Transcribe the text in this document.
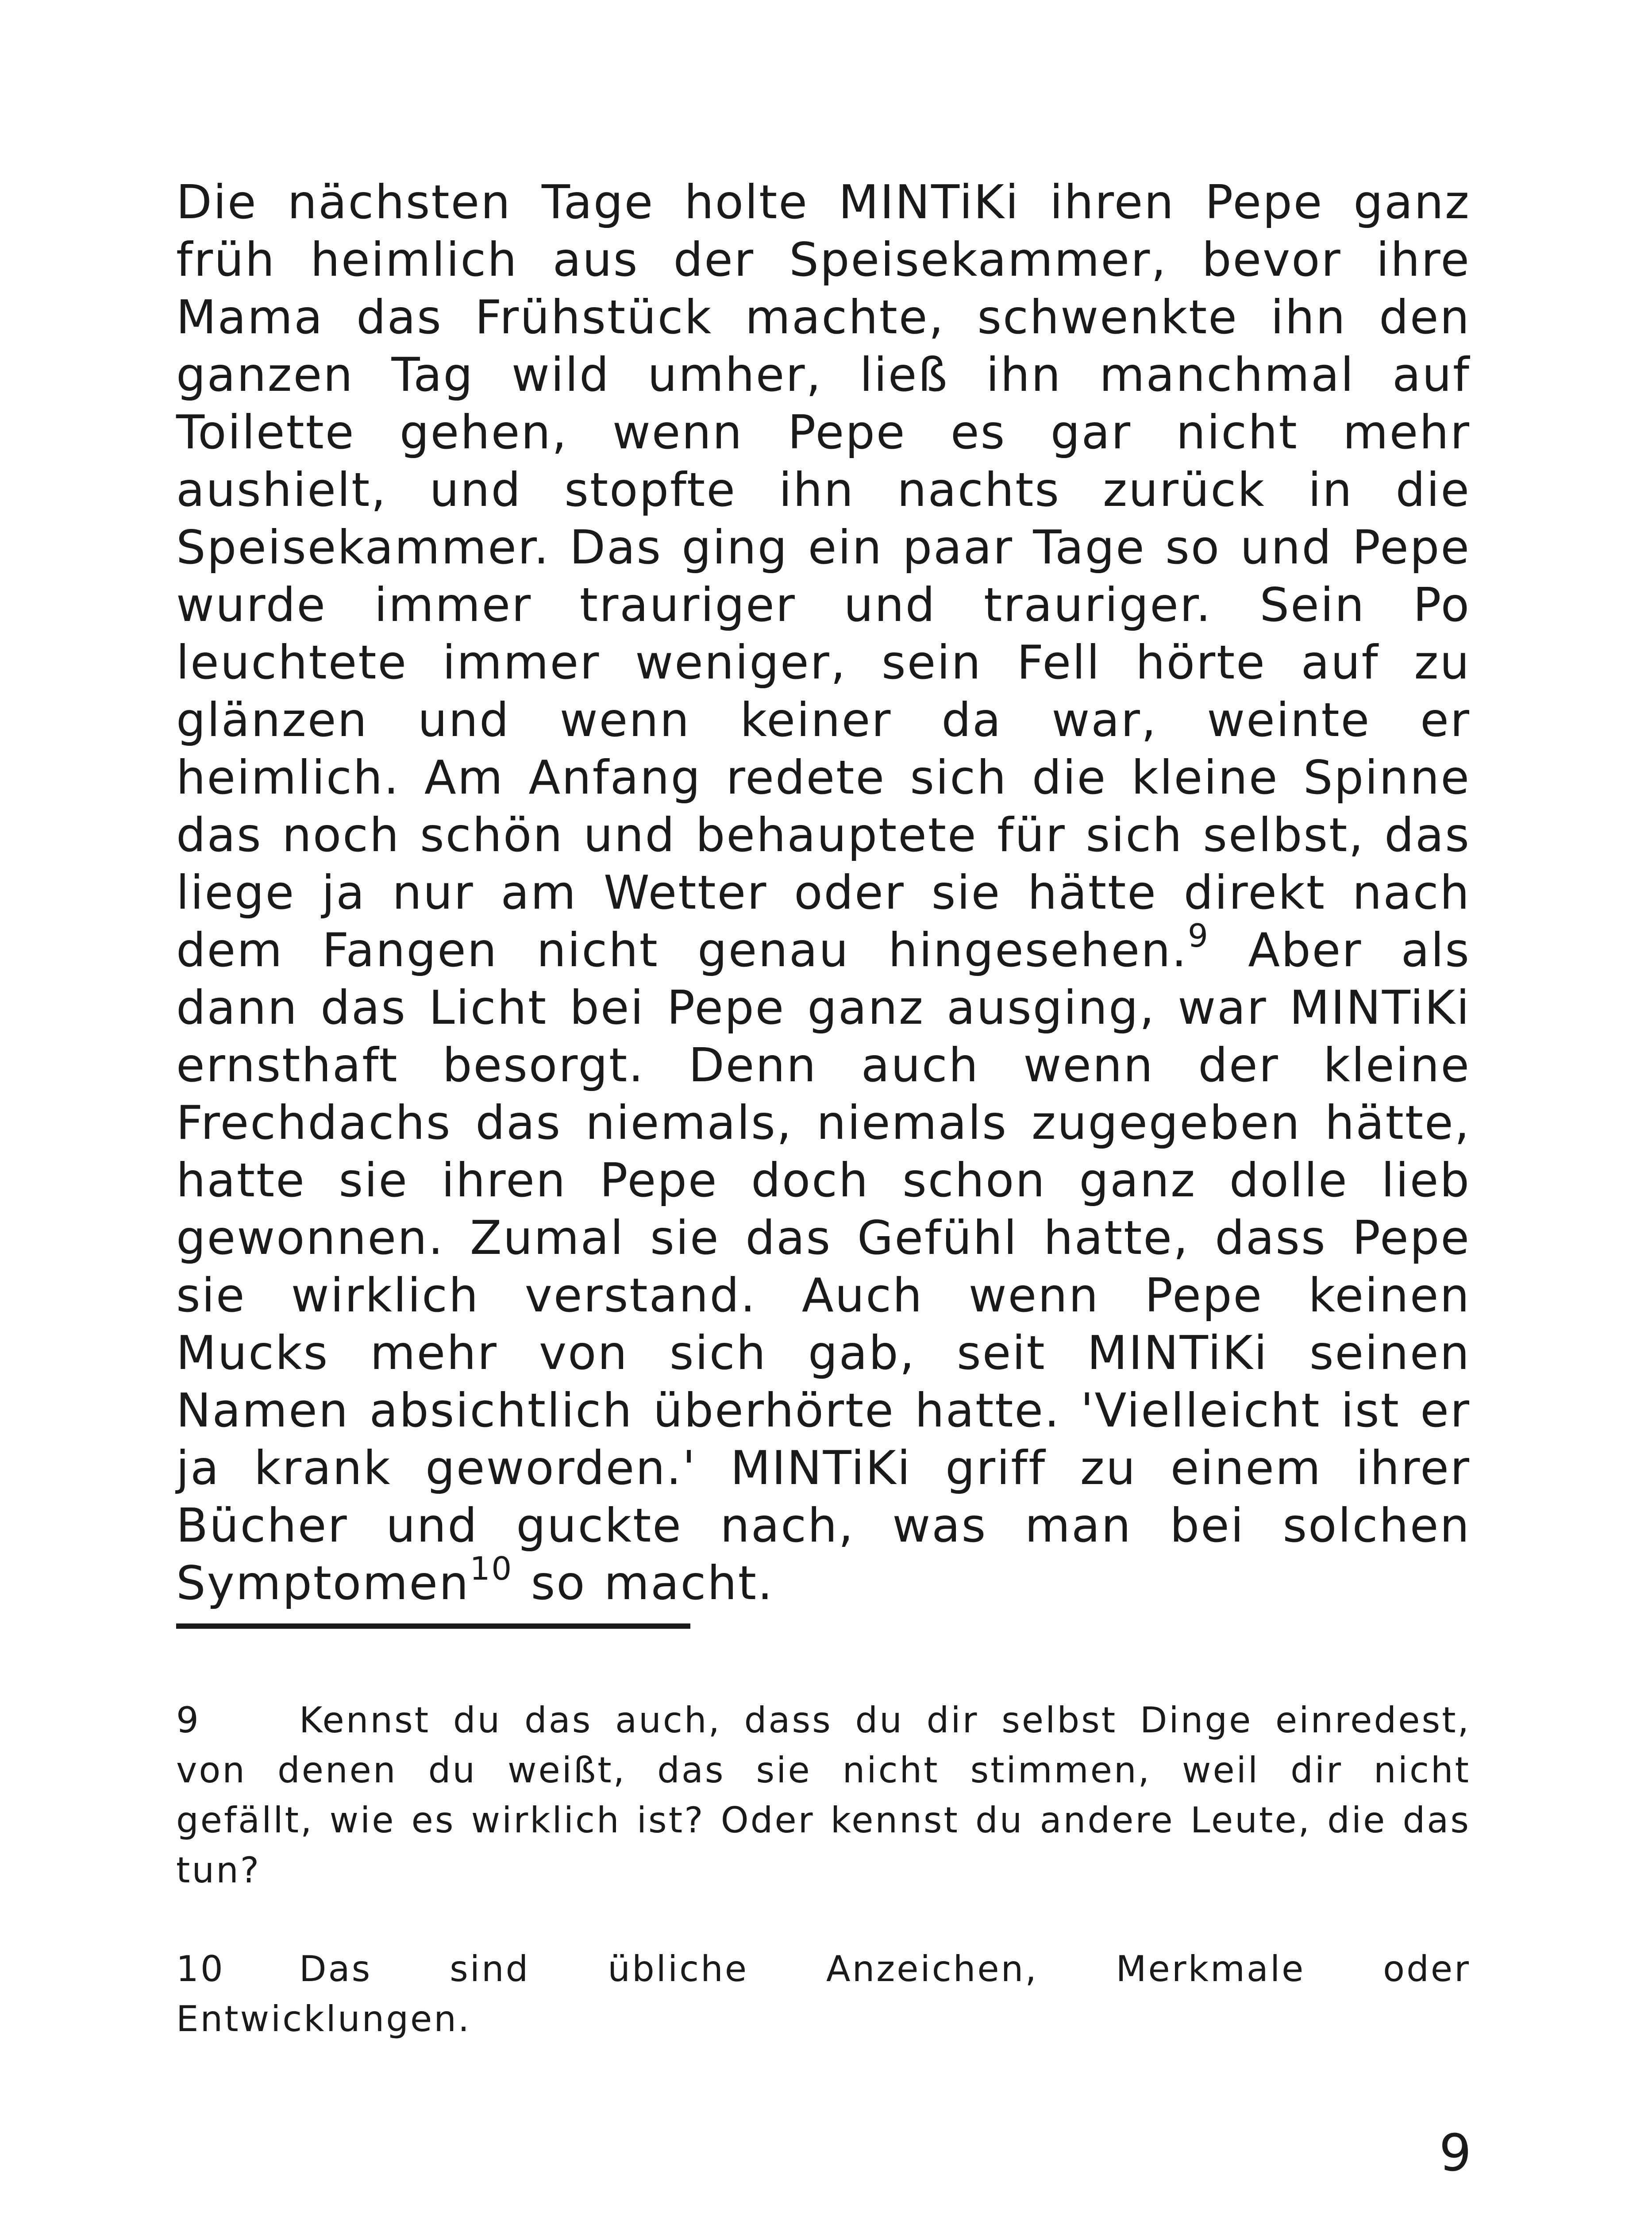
Die nächsten Tage holte MINTiKi ihren Pepe ganz früh heimlich aus der Speisekammer, bevor ihre Mama das Frühstück machte, schwenkte ihn den ganzen Tag wild umher, ließ ihn manchmal auf Toilette gehen, wenn Pepe es gar nicht mehr aushielt, und stopfte ihn nachts zurück in die Speisekammer. Das ging ein paar Tage so und Pepe wurde immer trauriger und trauriger. Sein Po leuchtete immer weniger, sein Fell hörte auf zu glänzen und wenn keiner da war, weinte er heimlich. Am Anfang redete sich die kleine Spinne das noch schön und behauptete für sich selbst, das liege ja nur am Wetter oder sie hätte direkt nach dem Fangen nicht genau hingesehen.$^9$ Aber als dann das Licht bei Pepe ganz ausging, war MINTiKi ernsthaft besorgt. Denn auch wenn der kleine Frechdachs das niemals, niemals zugegeben hätte, hatte sie ihren Pepe doch schon ganz dolle lieb gewonnen. Zumal sie das Gefühl hatte, dass Pepe sie wirklich verstand. Auch wenn Pepe keinen Mucks mehr von sich gab, seit MINTiKi seinen Namen absichtlich überhörte hatte. 'Vielleicht ist er ja krank geworden.' MINTiKi griff zu einem ihrer Bücher und guckte nach, was man bei solchen Symptomen$^{10}$ so macht.

9	Kennst du das auch, dass du dir selbst Dinge einredest, von denen du weißt, das sie nicht stimmen, weil dir nicht gefällt, wie es wirklich ist? Oder kennst du andere Leute, die das tun?

10 Das sind übliche Anzeichen, Merkmale oder Entwicklungen.

9
